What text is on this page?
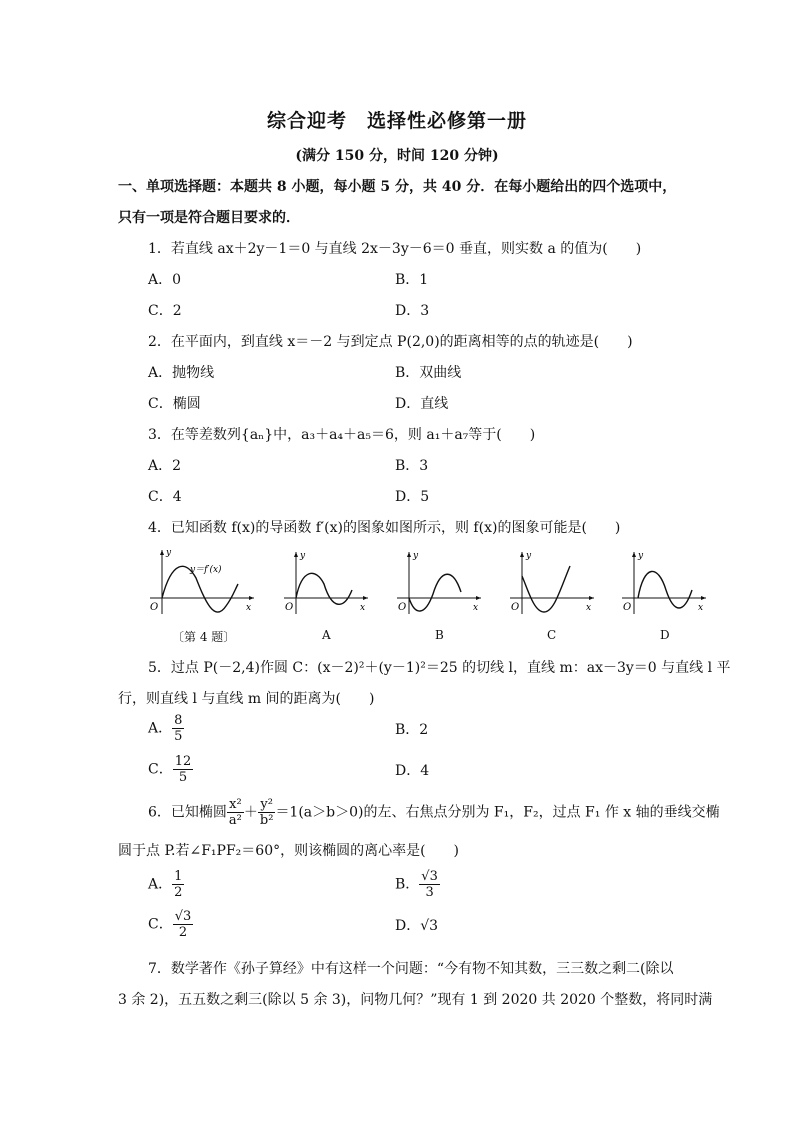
综合迎考　选择性必修第一册
(满分 150 分，时间 120 分钟)
一、单项选择题：本题共 8 小题，每小题 5 分，共 40 分．在每小题给出的四个选项中，
只有一项是符合题目要求的．
1．若直线 ax＋2y－1＝0 与直线 2x－3y－6＝0 垂直，则实数 a 的值为(　　)
A．0	B．1
C．2	D．3
2．在平面内，到直线 x＝－2 与到定点 P(2,0)的距离相等的点的轨迹是(　　)
A．抛物线	B．双曲线
C．椭圆	D．直线
3．在等差数列{aₙ}中，a₃＋a₄＋a₅＝6，则 a₁＋a₇等于(　　)
A．2	B．3
C．4	D．5
4．已知函数 f(x)的导函数 f′(x)的图象如图所示，则 f(x)的图象可能是(　　)
y＝f′(x)
y
x
O
y
x
O
y
x
O
y
x
O
y
x
O
〔第 4 题〕	A	B	C	D
5．过点 P(－2,4)作圆 C：(x－2)²＋(y－1)²＝25 的切线 l，直线 m：ax－3y＝0 与直线 l 平
行，则直线 l 与直线 m 间的距离为(　　)
A． $\frac{8}{5}$	B．2
C． $\frac{12}{5}$	D．4
6．已知椭圆 $\frac{\text{x²}}{\text{a²}} + \frac{\text{y²}}{\text{b²}} =1(a>b>0)$的左、右焦点分别为 F₁，F₂，过点 F₁ 作 x 轴的垂线交椭
圆于点 P.若∠F₁PF₂＝60°，则该椭圆的离心率是(　　)
A． $\frac{1}{2}$	B． $\frac{√3}{3}$
C． $\frac{√3}{2}$	D．√3
7．数学著作《孙子算经》中有这样一个问题：“今有物不知其数，三三数之剩二(除以
3 余 2)，五五数之剩三(除以 5 余 3)，问物几何？”现有 1 到 2020 共 2020 个整数，将同时满
